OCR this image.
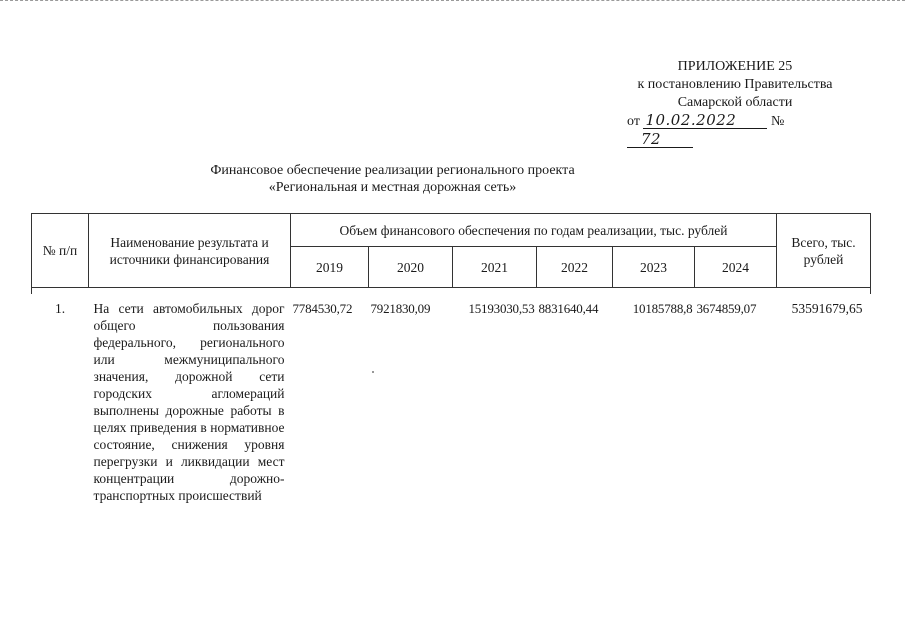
ПРИЛОЖЕНИЕ 25
к постановлению Правительства
Самарской области
от 10.02.2022 №72
Финансовое обеспечение реализации регионального проекта
«Региональная и местная дорожная сеть»
№ п/п	Наименование результата и источники финансирования	Объем финансового обеспечения по годам реализации, тыс. рублей						Всего, тыс. рублей
		2019	2020	2021	2022	2023	2024	

1.	На сети автомобильных дорог общего пользования федерального, регионального или межмуниципального значения, дорожной сети городских агломераций выполнены дорожные работы в целях приведения в нормативное состояние, снижения уровня перегрузки и ликвидации мест концентрации дорожно-транспортных происшествий	7784530,72	7921830,09	15193030,53	8831640,44	10185788,8	3674859,07	53591679,65
